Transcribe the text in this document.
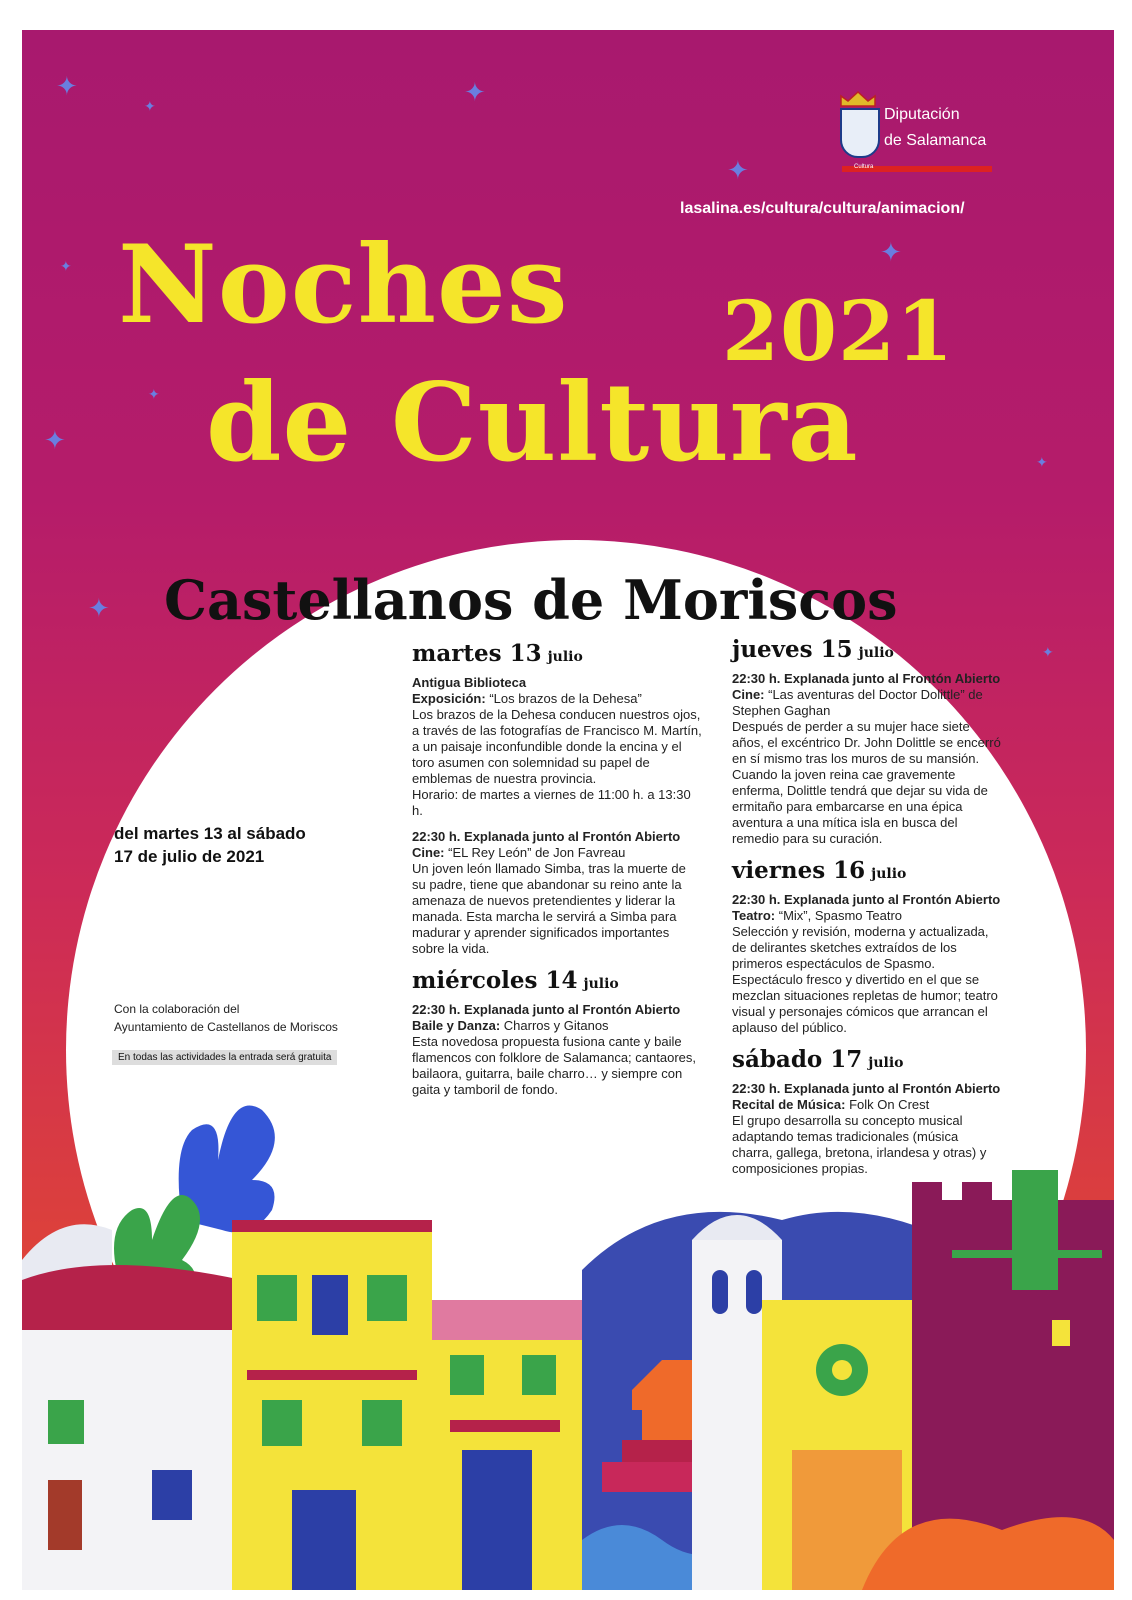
✦	✦
✦
✦
✦
✦
✦
✦
✦
✦
✦
Diputación
de Salamanca
Cultura
lasalina.es/cultura/cultura/animacion/
Noches 2021
de Cultura
Castellanos de Moriscos
martes 13 julio
Antigua Biblioteca
Exposición: “Los brazos de la Dehesa”
Los brazos de la Dehesa conducen nuestros ojos, a través de las fotografías de Francisco M. Martín, a un paisaje inconfundible donde la encina y el toro asumen con solemnidad su papel de emblemas de nuestra provincia.
Horario: de martes a viernes de 11:00 h. a 13:30 h.
22:30 h. Explanada junto al Frontón Abierto
Cine: “EL Rey León” de Jon Favreau
Un joven león llamado Simba, tras la muerte de su padre, tiene que abandonar su reino ante la amenaza de nuevos pretendientes y liderar la manada. Esta marcha le servirá a Simba para madurar y aprender significados importantes sobre la vida.
miércoles 14 julio
22:30 h. Explanada junto al Frontón Abierto
Baile y Danza: Charros y Gitanos
Esta novedosa propuesta fusiona cante y baile flamencos con folklore de Salamanca; cantaores, bailaora, guitarra, baile charro… y siempre con gaita y tamboril de fondo.
jueves 15 julio
22:30 h. Explanada junto al Frontón Abierto
Cine: “Las aventuras del Doctor Dolittle” de Stephen Gaghan
Después de perder a su mujer hace siete años, el excéntrico Dr. John Dolittle se encerró en sí mismo tras los muros de su mansión. Cuando la joven reina cae gravemente enferma, Dolittle tendrá que dejar su vida de ermitaño para embarcarse en una épica aventura a una mítica isla en busca del remedio para su curación.
viernes 16 julio
22:30 h. Explanada junto al Frontón Abierto
Teatro: “Mix”, Spasmo Teatro
Selección y revisión, moderna y actualizada, de delirantes sketches extraídos de los primeros espectáculos de Spasmo. Espectáculo fresco y divertido en el que se mezclan situaciones repletas de humor; teatro visual y personajes cómicos que arrancan el aplauso del público.
sábado 17 julio
22:30 h. Explanada junto al Frontón Abierto
Recital de Música: Folk On Crest
El grupo desarrolla su concepto musical adaptando temas tradicionales (música charra, gallega, bretona, irlandesa y otras) y composiciones propias.
del martes 13 al sábado
17 de julio de 2021
Con la colaboración del
Ayuntamiento de Castellanos de Moriscos
En todas las actividades la entrada será gratuita
